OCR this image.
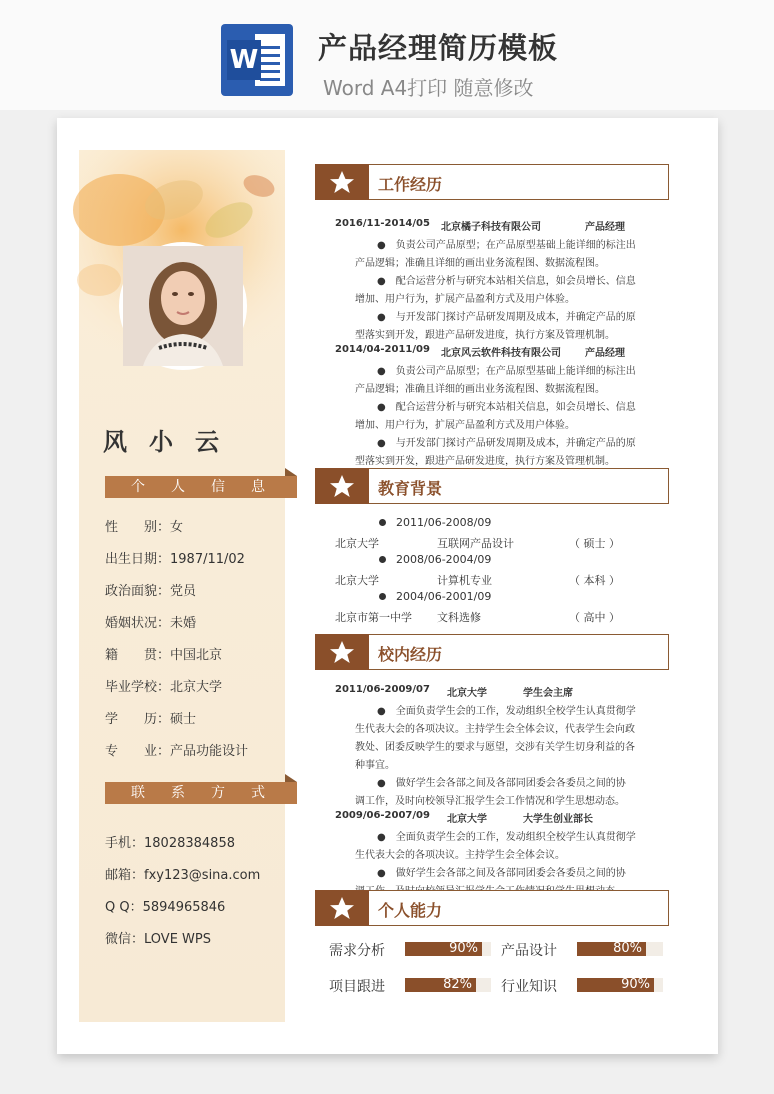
W 产品经理简历模板
Word A4打印 随意修改
风小云
个人信息
性　　别：女
出生日期：1987/11/02
政治面貌：党员
婚姻状况：未婚
籍　　贯：中国北京
毕业学校：北京大学
学　　历：硕士
专　　业：产品功能设计
联系方式
手机：18028384858
邮箱：fxy123@sina.com
Q Q：5894965846
微信：LOVE WPS
工作经历
2016/11-2014/05 北京橘子科技有限公司	产品经理
●　负责公司产品原型；在产品原型基础上能详细的标注出
产品逻辑；准确且详细的画出业务流程图、数据流程图。
●　配合运营分析与研究本站相关信息，如会员增长、信息
增加、用户行为，扩展产品盈利方式及用户体验。
●　与开发部门探讨产品研发周期及成本，并确定产品的原
型落实到开发，跟进产品研发进度，执行方案及管理机制。
2014/04-2011/09 北京风云软件科技有限公司 产品经理
●　负责公司产品原型；在产品原型基础上能详细的标注出
产品逻辑；准确且详细的画出业务流程图、数据流程图。
●　配合运营分析与研究本站相关信息，如会员增长、信息
增加、用户行为，扩展产品盈利方式及用户体验。
●　与开发部门探讨产品研发周期及成本，并确定产品的原
型落实到开发，跟进产品研发进度，执行方案及管理机制。
教育背景
2011/06-2008/09
北京大学	互联网产品设计	（ 硕士 ）
2008/06-2004/09
北京大学	计算机专业	（ 本科 ）
2004/06-2001/09
北京市第一中学 文科选修	（ 高中 ）
校内经历
2011/06-2009/07 北京大学	学生会主席
●　全面负责学生会的工作，发动组织全校学生认真贯彻学
生代表大会的各项决议。主持学生会全体会议，代表学生会向政
教处、团委反映学生的要求与愿望，交涉有关学生切身利益的各
种事宜。
●　做好学生会各部之间及各部同团委会各委员之间的协
调工作，及时向校领导汇报学生会工作情况和学生思想动态。
2009/06-2007/09 北京大学	大学生创业部长
●　全面负责学生会的工作，发动组织全校学生认真贯彻学
生代表大会的各项决议。主持学生会全体会议。
●　做好学生会各部之间及各部同团委会各委员之间的协
个人能力
需求分析	90% 产品设计	80%
项目跟进	82% 行业知识	90%
